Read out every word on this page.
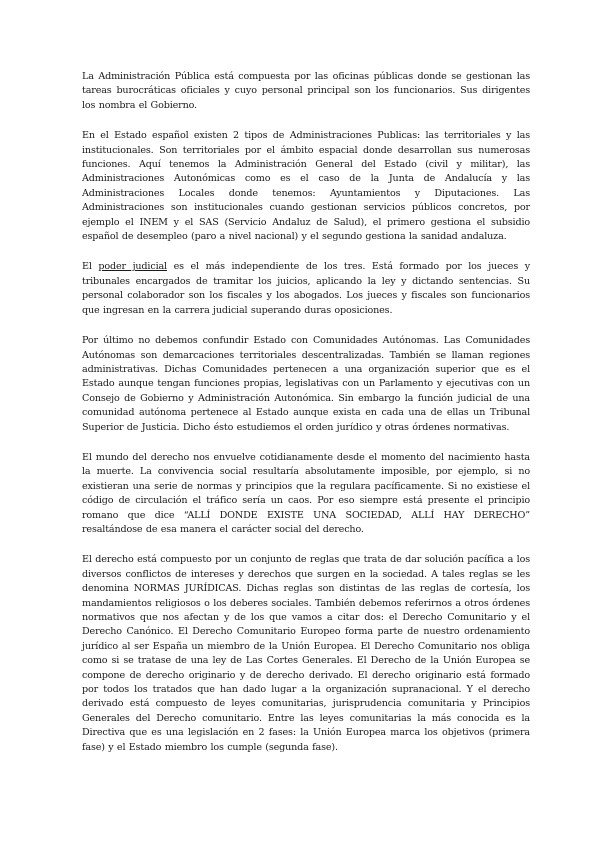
La Administración Pública está compuesta por las oficinas públicas donde se gestionan las tareas burocráticas oficiales y cuyo personal principal son los funcionarios. Sus dirigentes los nombra el Gobierno.

En el Estado español existen 2 tipos de Administraciones Publicas: las territoriales y las institucionales. Son territoriales por el ámbito espacial donde desarrollan sus numerosas funciones. Aquí tenemos la Administración General del Estado (civil y militar), las Administraciones Autonómicas como es el caso de la Junta de Andalucía y las Administraciones Locales donde tenemos: Ayuntamientos y Diputaciones. Las Administraciones son institucionales cuando gestionan servicios públicos concretos, por ejemplo el INEM y el SAS (Servicio Andaluz de Salud), el primero gestiona el subsidio español de desempleo (paro a nivel nacional) y el segundo gestiona la sanidad andaluza.

El poder judicial es el más independiente de los tres. Está formado por los jueces y tribunales encargados de tramitar los juicios, aplicando la ley y dictando sentencias. Su personal colaborador son los fiscales y los abogados. Los jueces y fiscales son funcionarios que ingresan en la carrera judicial superando duras oposiciones.

Por último no debemos confundir Estado con Comunidades Autónomas. Las Comunidades Autónomas son demarcaciones territoriales descentralizadas. También se llaman regiones administrativas. Dichas Comunidades pertenecen a una organización superior que es el Estado aunque tengan funciones propias, legislativas con un Parlamento y ejecutivas con un Consejo de Gobierno y Administración Autonómica. Sin embargo la función judicial de una comunidad autónoma pertenece al Estado aunque exista en cada una de ellas un Tribunal Superior de Justicia. Dicho ésto estudiemos el orden jurídico y otras órdenes normativas.

El mundo del derecho nos envuelve cotidianamente desde el momento del nacimiento hasta la muerte. La convivencia social resultaría absolutamente imposible, por ejemplo, si no existieran una serie de normas y principios que la regulara pacíficamente. Si no existiese el código de circulación el tráfico sería un caos. Por eso siempre está presente el principio romano que dice “ALLÍ DONDE EXISTE UNA SOCIEDAD, ALLÍ HAY DERECHO” resaltándose de esa manera el carácter social del derecho.

El derecho está compuesto por un conjunto de reglas que trata de dar solución pacífica a los diversos conflictos de intereses y derechos que surgen en la sociedad. A tales reglas se les denomina NORMAS JURÍDICAS. Dichas reglas son distintas de las reglas de cortesía, los mandamientos religiosos o los deberes sociales. También debemos referirnos a otros órdenes normativos que nos afectan y de los que vamos a citar dos: el Derecho Comunitario y el Derecho Canónico. El Derecho Comunitario Europeo forma parte de nuestro ordenamiento jurídico al ser España un miembro de la Unión Europea. El Derecho Comunitario nos obliga como si se tratase de una ley de Las Cortes Generales. El Derecho de la Unión Europea se compone de derecho originario y de derecho derivado. El derecho originario está formado por todos los tratados que han dado lugar a la organización supranacional. Y el derecho derivado está compuesto de leyes comunitarias, jurisprudencia comunitaria y Principios Generales del Derecho comunitario. Entre las leyes comunitarias la más conocida es la Directiva que es una legislación en 2 fases: la Unión Europea marca los objetivos (primera fase) y el Estado miembro los cumple (segunda fase).
